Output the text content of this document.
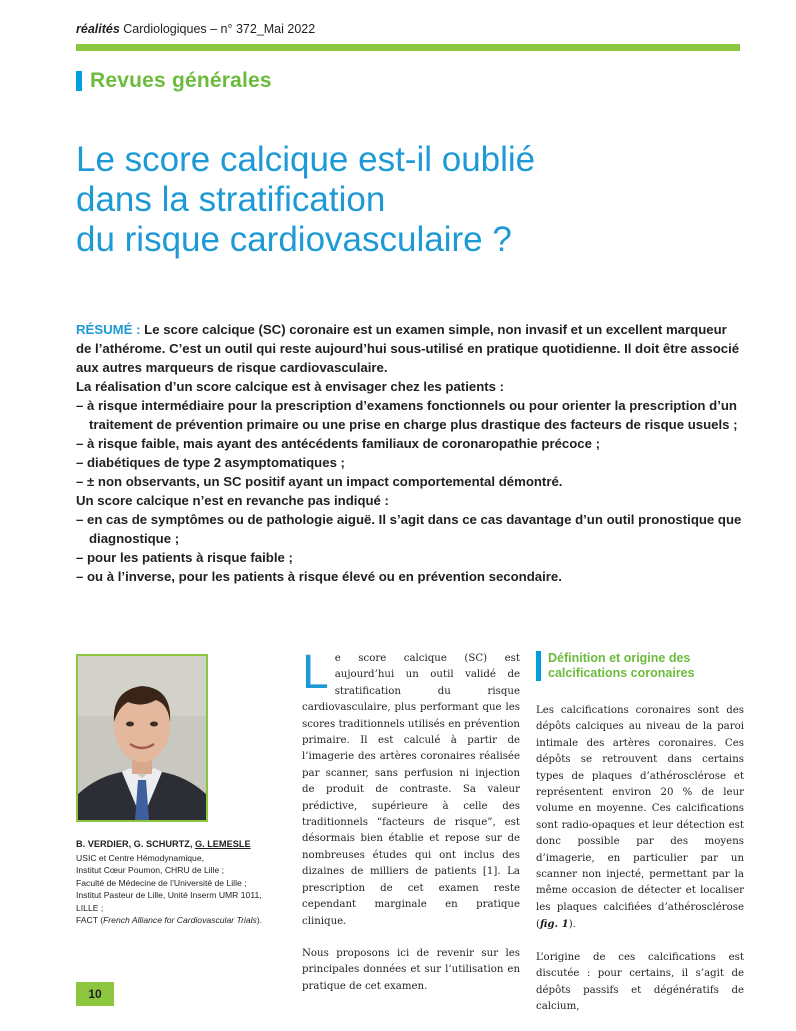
réalités Cardiologiques – n° 372_Mai 2022
Revues générales
Le score calcique est-il oublié
dans la stratification
du risque cardiovasculaire ?

RÉSUMÉ : Le score calcique (SC) coronaire est un examen simple, non invasif et un excellent marqueur de l’athérome. C’est un outil qui reste aujourd’hui sous-utilisé en pratique quotidienne. Il doit être associé aux autres marqueurs de risque cardiovasculaire.

La réalisation d’un score calcique est à envisager chez les patients :

– à risque intermédiaire pour la prescription d’examens fonctionnels ou pour orienter la prescription d’un traitement de prévention primaire ou une prise en charge plus drastique des facteurs de risque usuels ;

– à risque faible, mais ayant des antécédents familiaux de coronaropathie précoce ;

– diabétiques de type 2 asymptomatiques ;

– ± non observants, un SC positif ayant un impact comportemental démontré.

Un score calcique n’est en revanche pas indiqué :

– en cas de symptômes ou de pathologie aiguë. Il s’agit dans ce cas davantage d’un outil pronostique que diagnostique ;

– pour les patients à risque faible ;

– ou à l’inverse, pour les patients à risque élevé ou en prévention secondaire.

B. VERDIER, G. SCHURTZ, G. LEMESLE
USIC et Centre Hémodynamique,
Institut Cœur Poumon, CHRU de Lille ;
Faculté de Médecine de l’Université de Lille ;
Institut Pasteur de Lille, Unité Inserm UMR 1011, LILLE ;
FACT (French Alliance for Cardiovascular Trials).

Le score calcique (SC) est aujourd’hui un outil validé de stratification du risque cardiovasculaire, plus performant que les scores traditionnels utilisés en prévention primaire. Il est calculé à partir de l’imagerie des artères coronaires réalisée par scanner, sans perfusion ni injection de produit de contraste. Sa valeur prédictive, supérieure à celle des traditionnels “facteurs de risque”, est désormais bien établie et repose sur de nombreuses études qui ont inclus des dizaines de milliers de patients [1]. La prescription de cet examen reste cependant marginale en pratique clinique.

Nous proposons ici de revenir sur les principales données et sur l’utilisation en pratique de cet examen.

Définition et origine des calcifications coronaires

Les calcifications coronaires sont des dépôts calciques au niveau de la paroi intimale des artères coronaires. Ces dépôts se retrouvent dans certains types de plaques d’athérosclérose et représentent environ 20 % de leur volume en moyenne. Ces calcifications sont radio-opaques et leur détection est donc possible par des moyens d’imagerie, en particulier par un scanner non injecté, permettant par la même occasion de détecter et localiser les plaques calcifiées d’athérosclérose (fig. 1).

L’origine de ces calcifications est discutée : pour certains, il s’agit de dépôts passifs et dégénératifs de calcium,

10
